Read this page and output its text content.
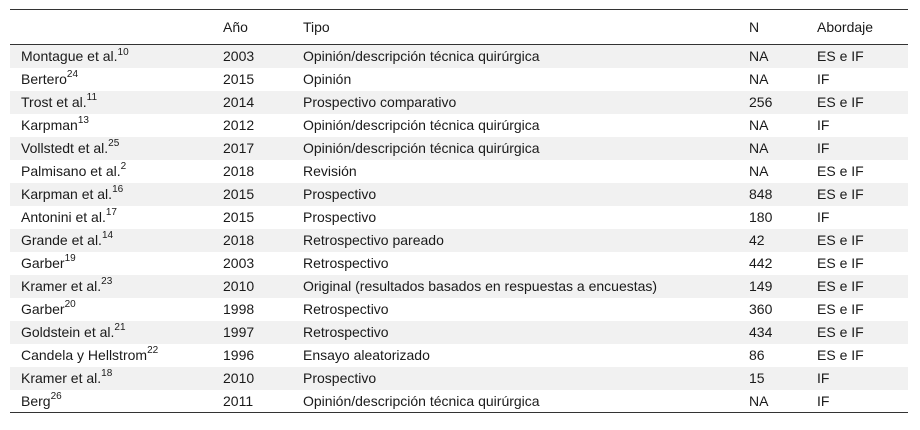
	Año	Tipo	N	Abordaje
Montague et al.$^{10}$	2003	Opinión/descripción técnica quirúrgica	NA	ES e IF
Bertero$^{24}$	2015	Opinión	NA	IF
Trost et al.$^{11}$	2014	Prospectivo comparativo	256	ES e IF
Karpman$^{13}$	2012	Opinión/descripción técnica quirúrgica	NA	IF
Vollstedt et al.$^{25}$	2017	Opinión/descripción técnica quirúrgica	NA	IF
Palmisano et al.$^2$	2018	Revisión	NA	ES e IF
Karpman et al.$^{16}$	2015	Prospectivo	848	ES e IF
Antonini et al.$^{17}$	2015	Prospectivo	180	IF
Grande et al.$^{14}$	2018	Retrospectivo pareado	42	ES e IF
Garber$^{19}$	2003	Retrospectivo	442	ES e IF
Kramer et al.$^{23}$	2010	Original (resultados basados en respuestas a encuestas)	149	ES e IF
Garber$^{20}$	1998	Retrospectivo	360	ES e IF
Goldstein et al.$^{21}$	1997	Retrospectivo	434	ES e IF
Candela y Hellstrom$^{22}$	1996	Ensayo aleatorizado	86	ES e IF
Kramer et al.$^{18}$	2010	Prospectivo	15	IF
Berg$^{26}$	2011	Opinión/descripción técnica quirúrgica	NA	IF
